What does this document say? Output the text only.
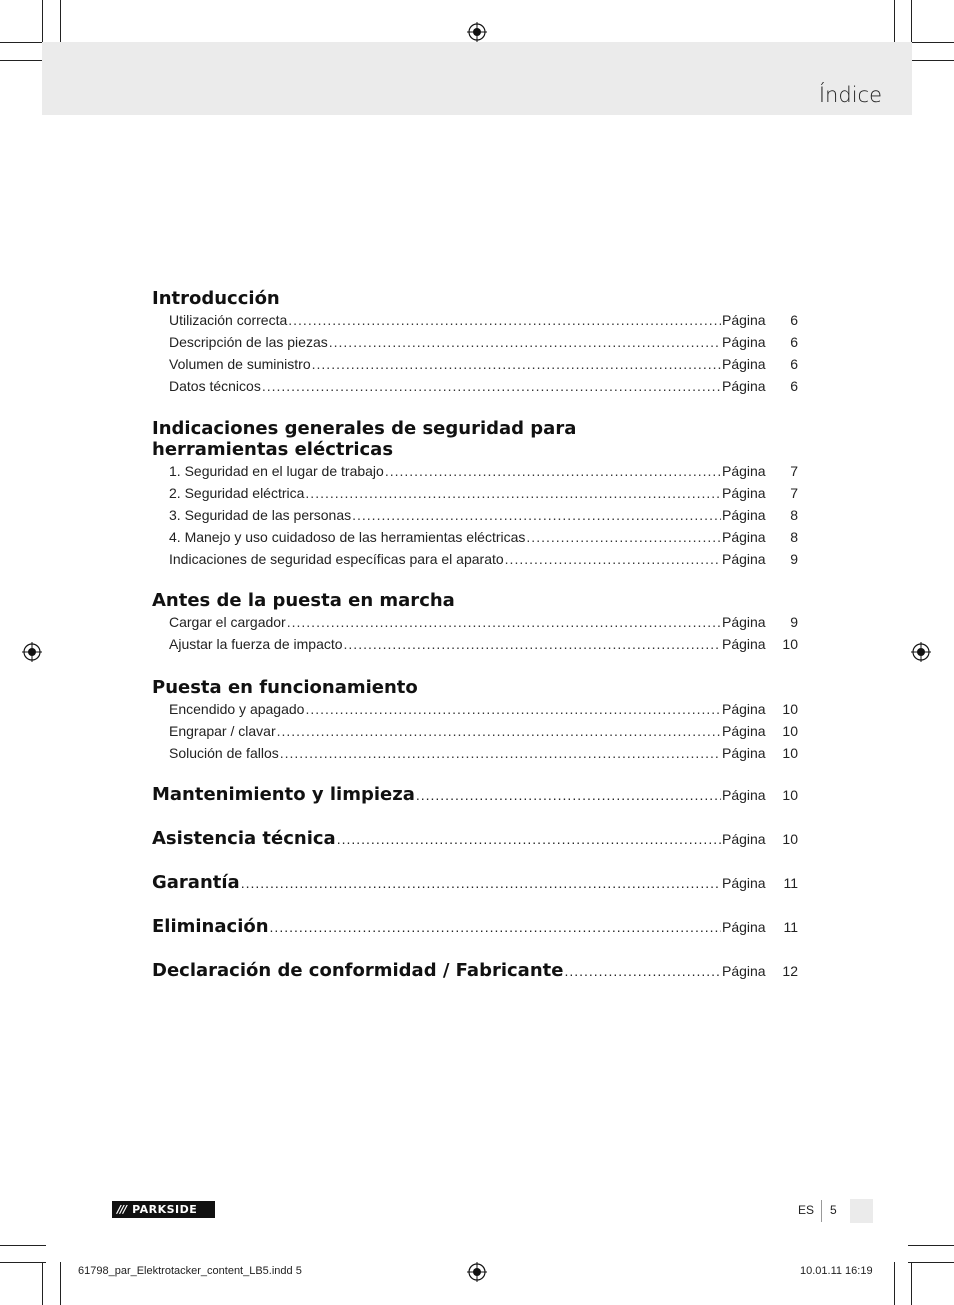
Índice
Introducción
Utilización correcta .....	Página	6
Descripción de las piezas .....	Página	6
Volumen de suministro .....	Página	6
Datos técnicos .....	Página	6
Indicaciones generales de seguridad para
herramientas eléctricas
1. Seguridad en el lugar de trabajo .....	Página	7
2. Seguridad eléctrica .....	Página	7
3. Seguridad de las personas .....	Página	8
4. Manejo y uso cuidadoso de las herramientas eléctricas .....	Página	8
Indicaciones de seguridad específicas para el aparato .....	Página	9
Antes de la puesta en marcha
Cargar el cargador .....	Página	9
Ajustar la fuerza de impacto .....	Página	10
Puesta en funcionamiento
Encendido y apagado .....	Página	10
Engrapar / clavar .....	Página	10
Solución de fallos .....	Página	10
Mantenimiento y limpieza .....	Página	10
Asistencia técnica .....	Página	10
Garantía .....	Página	11
Eliminación .....	Página	11
Declaración de conformidad / Fabricante .....	Página	12
/// PARKSIDE	ES 5
61798_par_Elektrotacker_content_LB5.indd 5	10.01.11 16:19
